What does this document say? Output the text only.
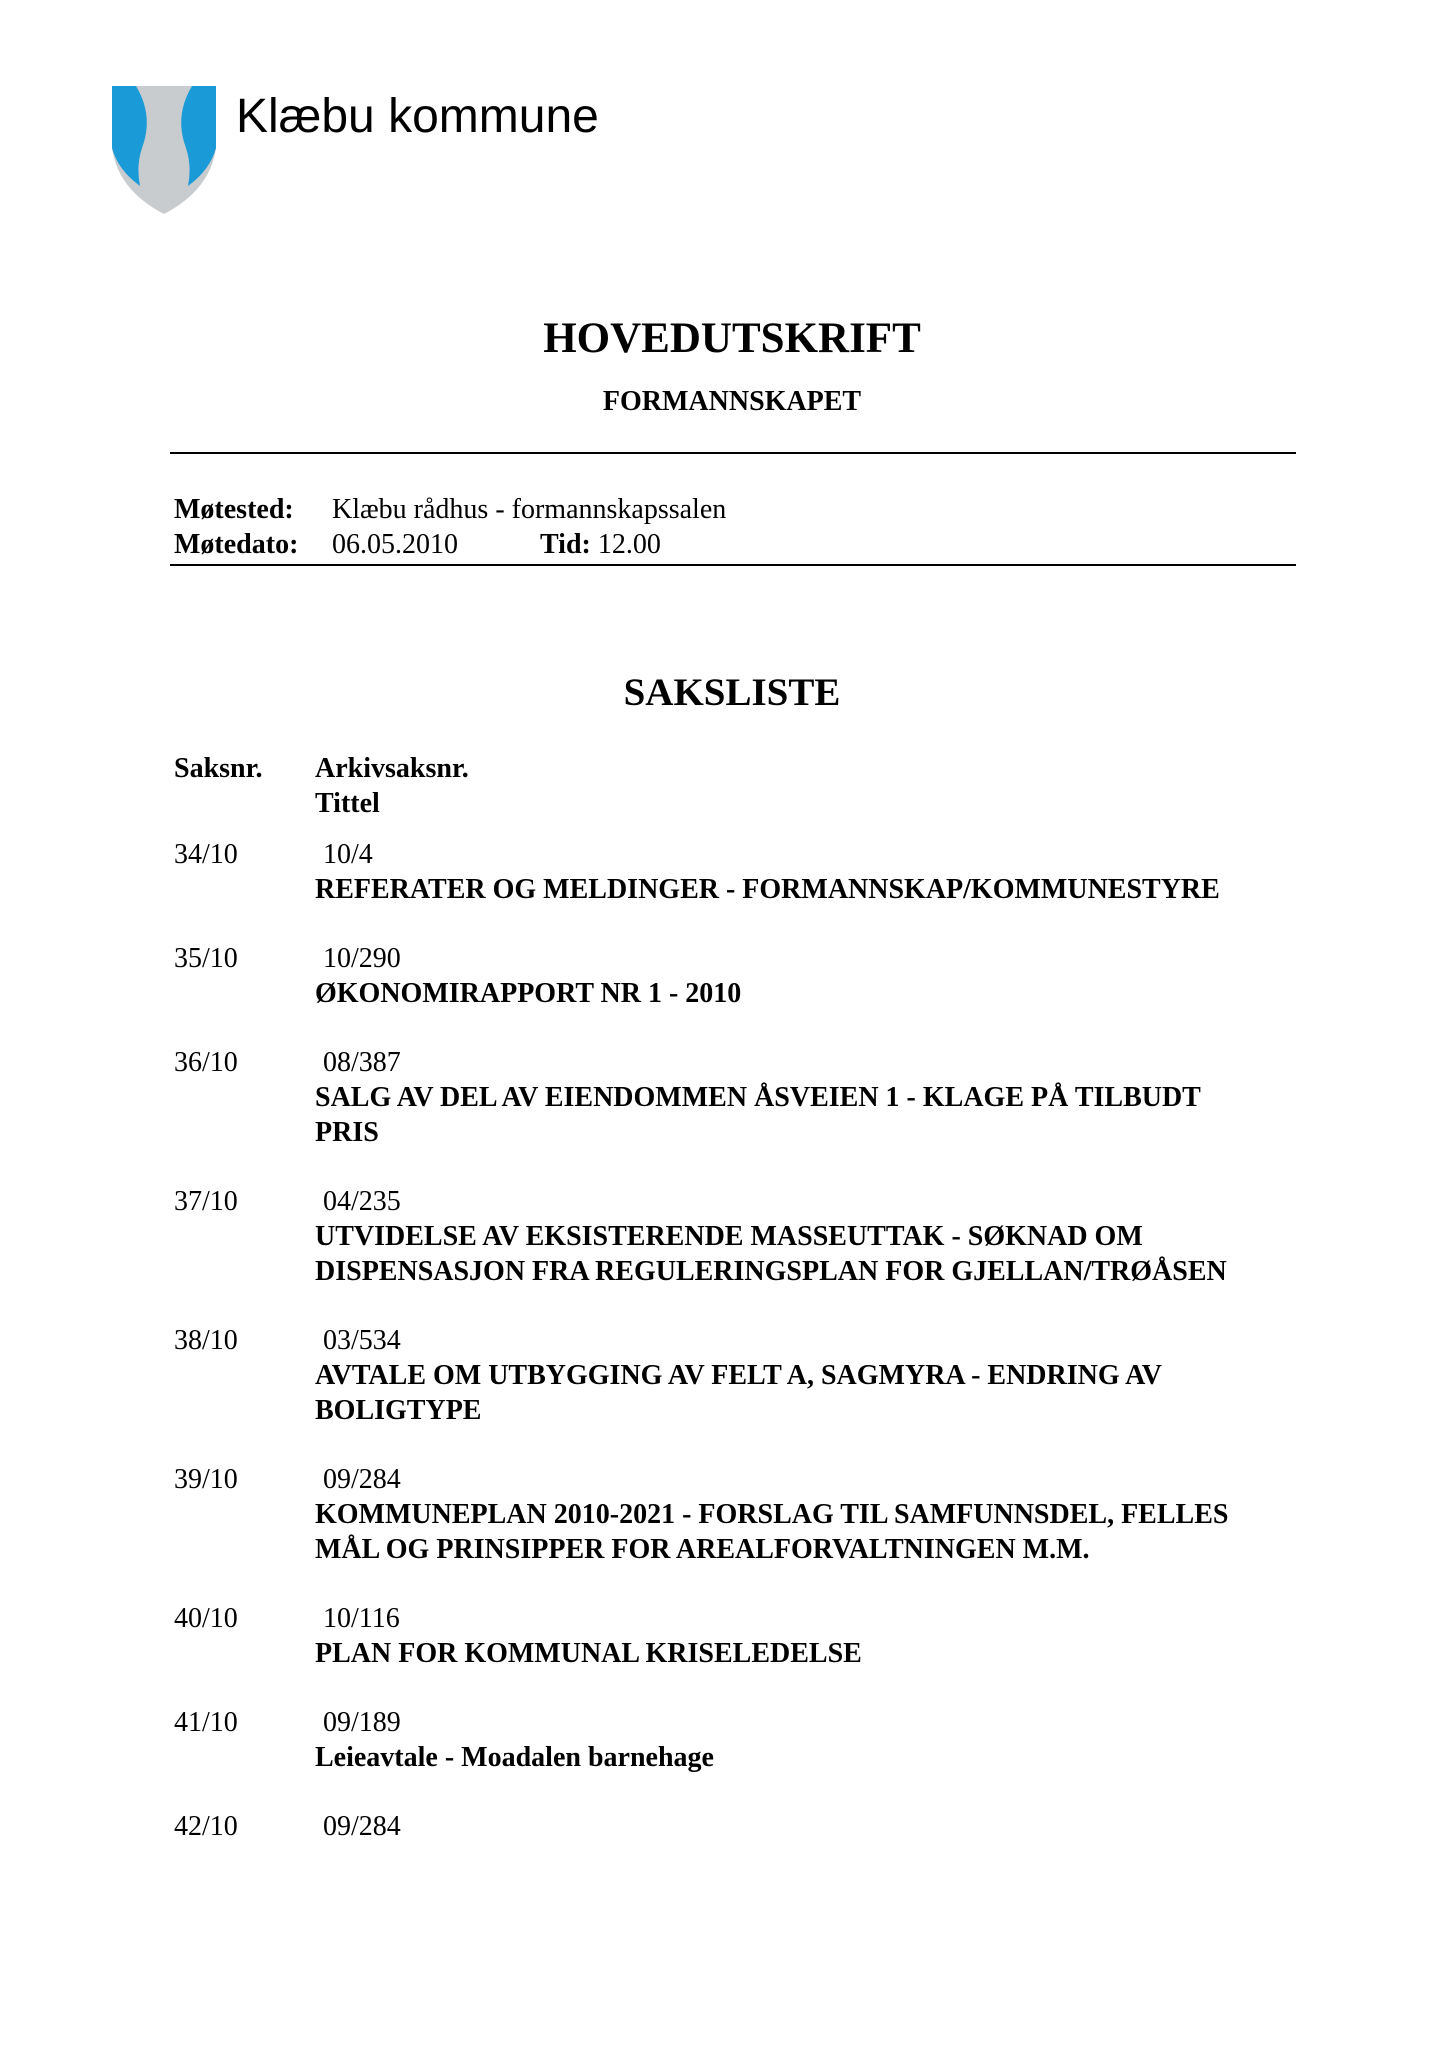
Klæbu kommune
HOVEDUTSKRIFT
FORMANNSKAPET
Møtested: Klæbu rådhus - formannskapssalen
Møtedato: 06.05.2010	Tid: 12.00
SAKSLISTE
Saksnr. Arkivsaksnr.
Tittel
34/10	10/4
REFERATER OG MELDINGER - FORMANNSKAP/KOMMUNESTYRE
35/10	10/290
ØKONOMIRAPPORT NR 1 - 2010
36/10	08/387
SALG AV DEL AV EIENDOMMEN ÅSVEIEN 1 - KLAGE PÅ TILBUDT
PRIS
37/10	04/235
UTVIDELSE AV EKSISTERENDE MASSEUTTAK - SØKNAD OM
DISPENSASJON FRA REGULERINGSPLAN FOR GJELLAN/TRØÅSEN
38/10	03/534
AVTALE OM UTBYGGING AV FELT A, SAGMYRA - ENDRING AV
BOLIGTYPE
39/10	09/284
KOMMUNEPLAN 2010-2021 - FORSLAG TIL SAMFUNNSDEL, FELLES
MÅL OG PRINSIPPER FOR AREALFORVALTNINGEN M.M.
40/10	10/116
PLAN FOR KOMMUNAL KRISELEDELSE
41/10	09/189
Leieavtale - Moadalen barnehage
42/10	09/284
